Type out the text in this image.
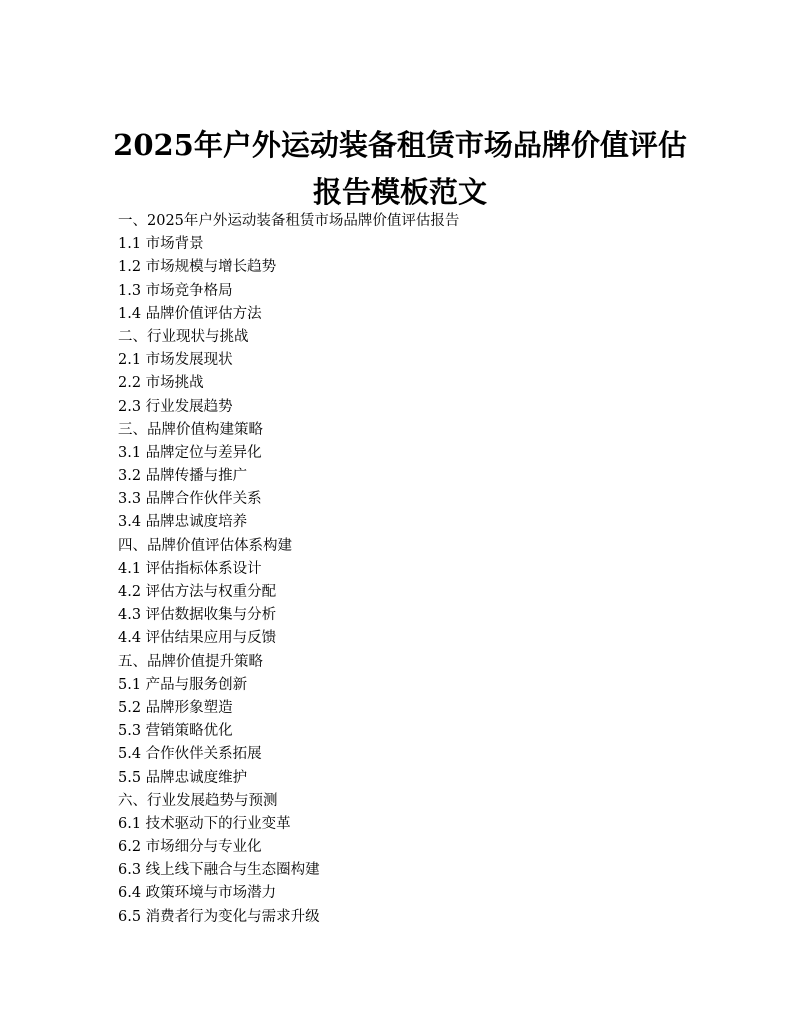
2025年户外运动装备租赁市场品牌价值评估
报告模板范文
一、2025年户外运动装备租赁市场品牌价值评估报告
1.1 市场背景
1.2 市场规模与增长趋势
1.3 市场竞争格局
1.4 品牌价值评估方法
二、行业现状与挑战
2.1 市场发展现状
2.2 市场挑战
2.3 行业发展趋势
三、品牌价值构建策略
3.1 品牌定位与差异化
3.2 品牌传播与推广
3.3 品牌合作伙伴关系
3.4 品牌忠诚度培养
四、品牌价值评估体系构建
4.1 评估指标体系设计
4.2 评估方法与权重分配
4.3 评估数据收集与分析
4.4 评估结果应用与反馈
五、品牌价值提升策略
5.1 产品与服务创新
5.2 品牌形象塑造
5.3 营销策略优化
5.4 合作伙伴关系拓展
5.5 品牌忠诚度维护
六、行业发展趋势与预测
6.1 技术驱动下的行业变革
6.2 市场细分与专业化
6.3 线上线下融合与生态圈构建
6.4 政策环境与市场潜力
6.5 消费者行为变化与需求升级
